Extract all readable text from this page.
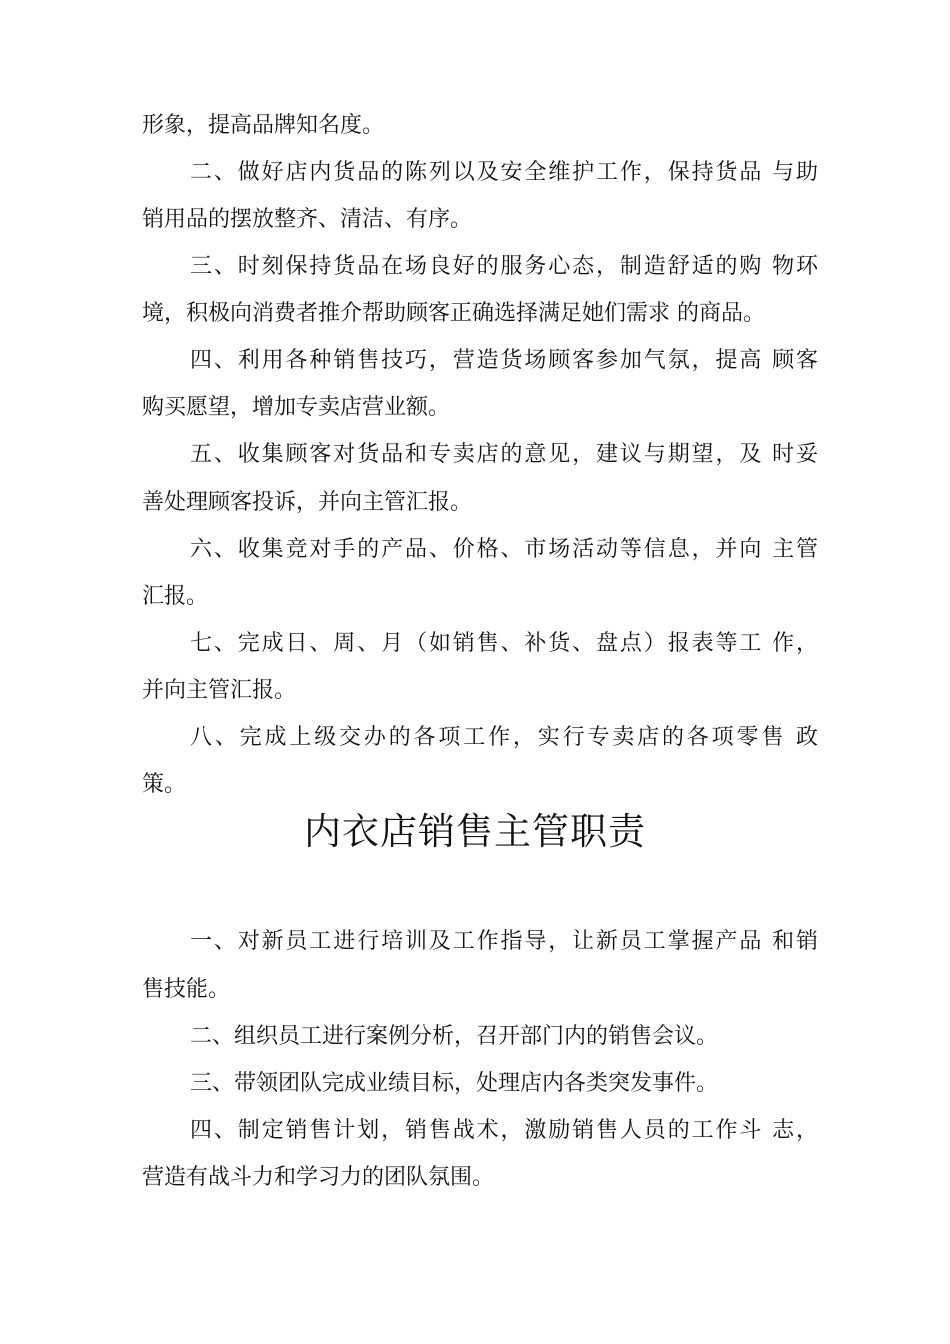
形象，提高品牌知名度。
二、做好店内货品的陈列以及安全维护工作，保持货品 与助
销用品的摆放整齐、清洁、有序。
三、时刻保持货品在场良好的服务心态，制造舒适的购 物环
境，积极向消费者推介帮助顾客正确选择满足她们需求 的商品。
四、利用各种销售技巧，营造货场顾客参加气氛，提高 顾客
购买愿望，增加专卖店营业额。
五、收集顾客对货品和专卖店的意见，建议与期望，及 时妥
善处理顾客投诉，并向主管汇报。
六、收集竞对手的产品、价格、市场活动等信息，并向 主管
汇报。
七、完成日、周、月（如销售、补货、盘点）报表等工 作，
并向主管汇报。
八、完成上级交办的各项工作，实行专卖店的各项零售 政
策。
内衣店销售主管职责
一、对新员工进行培训及工作指导，让新员工掌握产品 和销
售技能。
二、组织员工进行案例分析，召开部门内的销售会议。
三、带领团队完成业绩目标，处理店内各类突发事件。
四、制定销售计划，销售战术，激励销售人员的工作斗 志，
营造有战斗力和学习力的团队氛围。
